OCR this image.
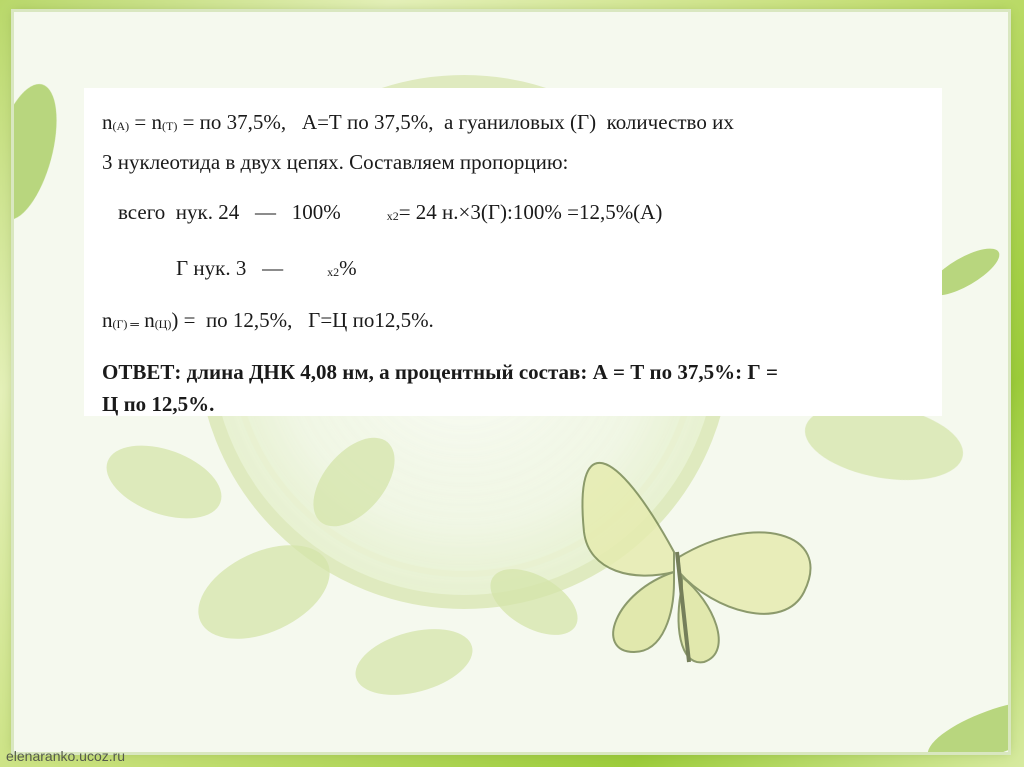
n(А) = n(Т) = по 37,5%,   А=Т по 37,5%,  а гуаниловых (Г)  количество их
3 нуклеотида в двух цепях. Составляем пропорцию:
всего  нук. 24   —   100%	х2= 24 н.×3(Г):100% =12,5%(А)
Г нук. 3   —	х2%
n(Г) ═ n(Ц)) =  по 12,5%,   Г=Ц по12,5%.
ОТВЕТ: длина ДНК 4,08 нм, а процентный состав: А = Т по 37,5%: Г =
Ц по 12,5%.
elenaranko.ucoz.ru
